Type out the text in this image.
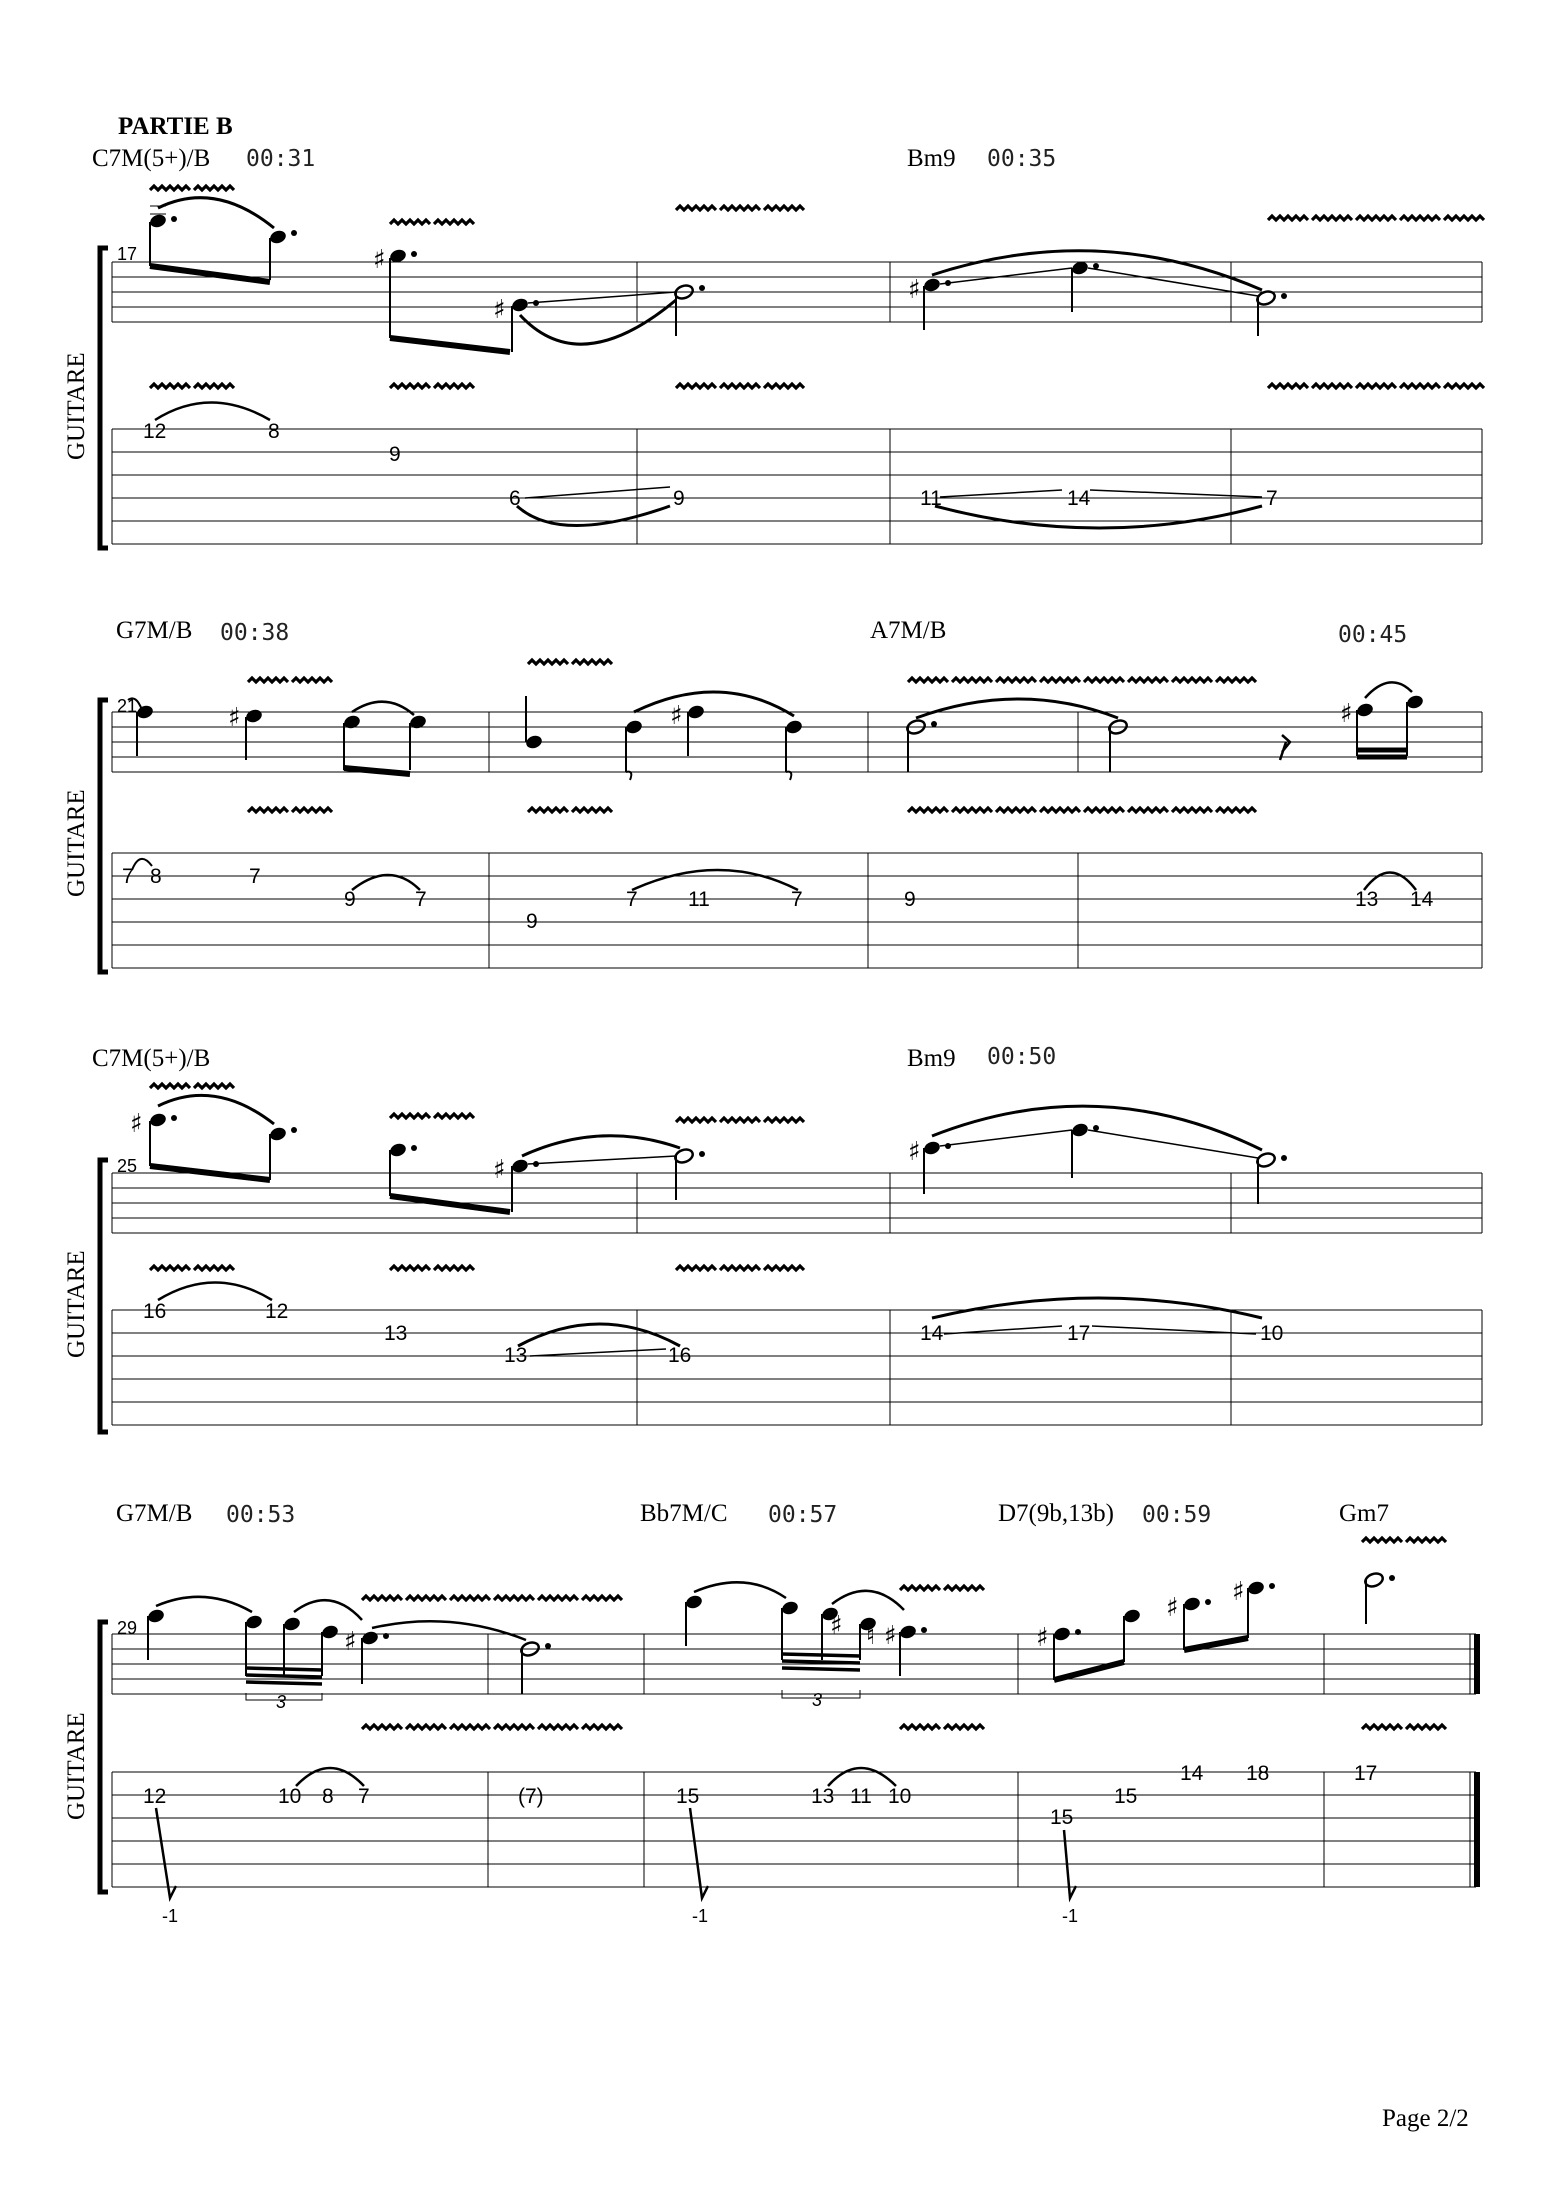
PARTIE B
C7M(5+)/B 00:31	Bm9 00:35
GUITARE
17	♯
♯
♯
12	8
9
6	9	11	14	7
G7M/B 00:38	A7M/B	00:45
GUITARE
21	♯	♯	♯
7 8	7
9	7
9
7 11	7	9	13 14
C7M(5+)/B	Bm9 00:50
GUITARE
25
♯
♯
♯
16	12
13
13	16
14	17	10
G7M/B 00:53	Bb7M/C 00:57	D7(9b,13b) 00:59	Gm7
GUITARE
29
3
♯
3
♯ ♮ ♯	♯
♯
♯
12	10 8 7	(7)	15	13 11 10
15
15
14 18	17
-1	-1	-1
Page 2/2
